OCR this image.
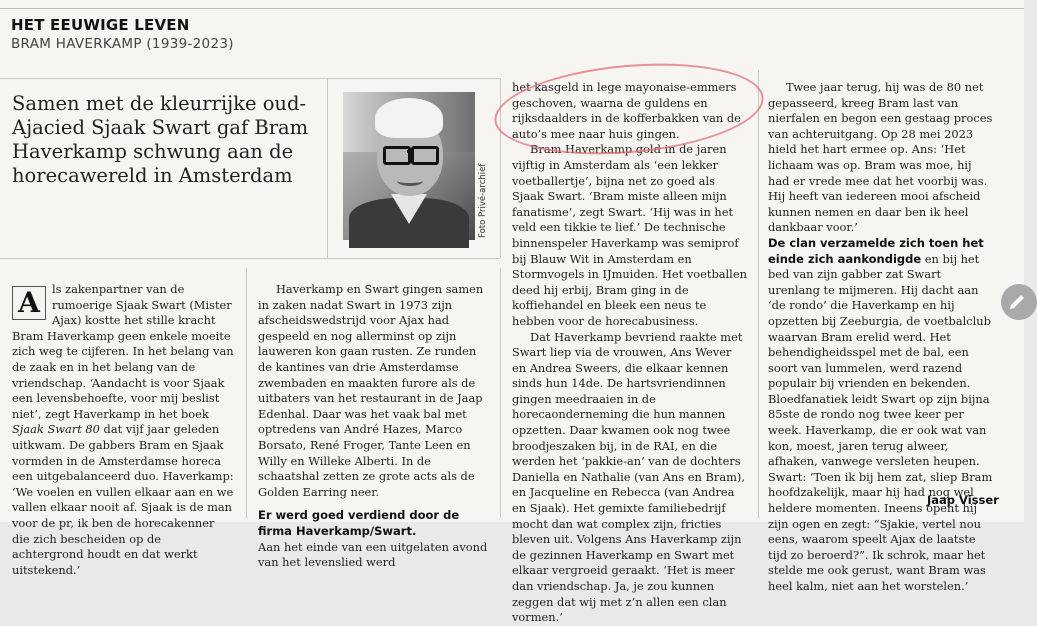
HET EEUWIGE LEVEN
BRAM HAVERKAMP (1939-2023)
Samen met de kleurrijke oud-Ajacied Sjaak Swart gaf Bram Haverkamp schwung aan de horecawereld in Amsterdam	Foto Privé-archief

A	ls zakenpartner van de rumoerige Sjaak Swart (Mister Ajax) kostte het stille kracht Bram Haverkamp geen enkele moeite zich weg te cijferen. In het belang van de zaak en in het belang van de vriendschap. ‘Aandacht is voor Sjaak een levensbehoefte, voor mij beslist niet’, zegt Haverkamp in het boek Sjaak Swart 80 dat vijf jaar geleden uitkwam. De gabbers Bram en Sjaak vormden in de Amsterdamse horeca een uitgebalanceerd duo. Haverkamp: ‘We voelen en vullen elkaar aan en we vallen elkaar nooit af. Sjaak is de man voor de pr, ik ben de horecakenner die zich bescheiden op de achtergrond houdt en dat werkt uitstekend.’

Haverkamp en Swart gingen samen in zaken nadat Swart in 1973 zijn afscheidswedstrijd voor Ajax had gespeeld en nog allerminst op zijn lauweren kon gaan rusten. Ze runden de kantines van drie Amsterdamse zwembaden en maakten furore als de uitbaters van het restaurant in de Jaap Edenhal. Daar was het vaak bal met optredens van André Hazes, Marco Borsato, René Froger, Tante Leen en Willy en Willeke Alberti. In de schaatshal zetten ze grote acts als de Golden Earring neer.

Er werd goed verdiend door de firma Haverkamp/Swart. Aan het einde van een uitgelaten avond van het levenslied werd

het kasgeld in lege mayonaise-emmers geschoven, waarna de guldens en rijksdaalders in de kofferbakken van de auto’s mee naar huis gingen.

Bram Haverkamp gold in de jaren vijftig in Amsterdam als ‘een lekker voetballertje’, bijna net zo goed als Sjaak Swart. ‘Bram miste alleen mijn fanatisme’, zegt Swart. ‘Hij was in het veld een tikkie te lief.’ De technische binnenspeler Haverkamp was semiprof bij Blauw Wit in Amsterdam en Stormvogels in IJmuiden. Het voetballen deed hij erbij, Bram ging in de koffiehandel en bleek een neus te hebben voor de horecabusiness.

Dat Haverkamp bevriend raakte met Swart liep via de vrouwen, Ans Wever en Andrea Sweers, die elkaar kennen sinds hun 14de. De hartsvriendinnen gingen meedraaien in de horecaonderneming die hun mannen opzetten. Daar kwamen ook nog twee broodjeszaken bij, in de RAI, en die werden het ‘pakkie-an’ van de dochters Daniella en Nathalie (van Ans en Bram), en Jacqueline en Rebecca (van Andrea en Sjaak). Het gemixte familiebedrijf mocht dan wat complex zijn, fricties bleven uit. Volgens Ans Haverkamp zijn de gezinnen Haverkamp en Swart met elkaar vergroeid geraakt. ‘Het is meer dan vriendschap. Ja, je zou kunnen zeggen dat wij met z’n allen een clan vormen.’

Twee jaar terug, hij was de 80 net gepasseerd, kreeg Bram last van nierfalen en begon een gestaag proces van achteruitgang. Op 28 mei 2023 hield het hart ermee op. Ans: ‘Het lichaam was op. Bram was moe, hij had er vrede mee dat het voorbij was. Hij heeft van iedereen mooi afscheid kunnen nemen en daar ben ik heel dankbaar voor.’

De clan verzamelde zich toen het einde zich aankondigde en bij het bed van zijn gabber zat Swart urenlang te mijmeren. Hij dacht aan ‘de rondo’ die Haverkamp en hij opzetten bij Zeeburgia, de voetbalclub waarvan Bram erelid werd. Het behendigheidsspel met de bal, een soort van lummelen, werd razend populair bij vrienden en bekenden. Bloedfanatiek leidt Swart op zijn bijna 85ste de rondo nog twee keer per week. Haverkamp, die er ook wat van kon, moest, jaren terug alweer, afhaken, vanwege versleten heupen. Swart: ‘Toen ik bij hem zat, sliep Bram hoofdzakelijk, maar hij had nog wel heldere momenten. Ineens opent hij zijn ogen en zegt: “Sjakie, vertel nou eens, waarom speelt Ajax de laatste tijd zo beroerd?”. Ik schrok, maar het stelde me ook gerust, want Bram was heel kalm, niet aan het worstelen.’

Jaap Visser
